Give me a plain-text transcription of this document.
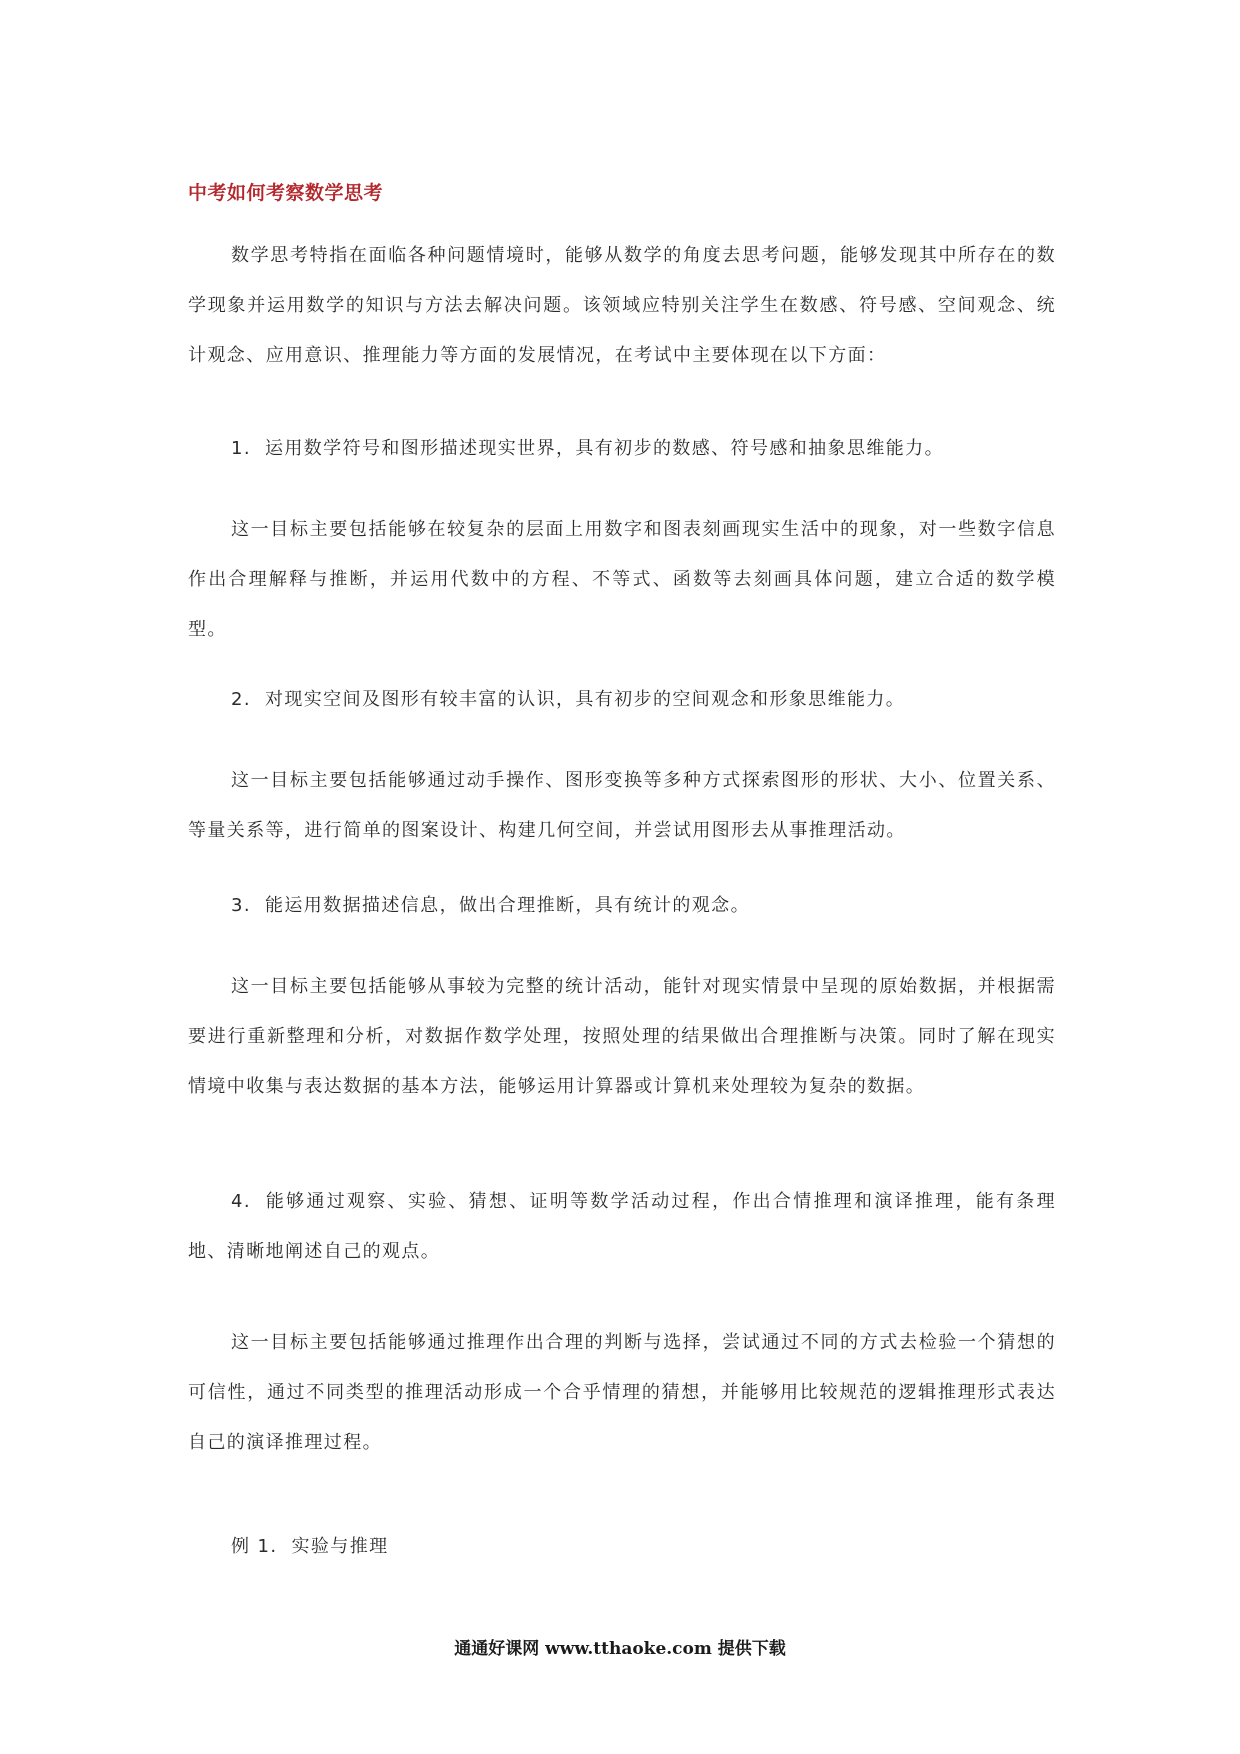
中考如何考察数学思考

数学思考特指在面临各种问题情境时，能够从数学的角度去思考问题，能够发现其中所存在的数学现象并运用数学的知识与方法去解决问题。该领域应特别关注学生在数感、符号感、空间观念、统计观念、应用意识、推理能力等方面的发展情况，在考试中主要体现在以下方面：

1. 运用数学符号和图形描述现实世界，具有初步的数感、符号感和抽象思维能力。

这一目标主要包括能够在较复杂的层面上用数字和图表刻画现实生活中的现象，对一些数字信息作出合理解释与推断，并运用代数中的方程、不等式、函数等去刻画具体问题，建立合适的数学模型。

2. 对现实空间及图形有较丰富的认识，具有初步的空间观念和形象思维能力。

这一目标主要包括能够通过动手操作、图形变换等多种方式探索图形的形状、大小、位置关系、等量关系等，进行简单的图案设计、构建几何空间，并尝试用图形去从事推理活动。

3. 能运用数据描述信息，做出合理推断，具有统计的观念。

这一目标主要包括能够从事较为完整的统计活动，能针对现实情景中呈现的原始数据，并根据需要进行重新整理和分析，对数据作数学处理，按照处理的结果做出合理推断与决策。同时了解在现实情境中收集与表达数据的基本方法，能够运用计算器或计算机来处理较为复杂的数据。

4. 能够通过观察、实验、猜想、证明等数学活动过程，作出合情推理和演译推理，能有条理地、清晰地阐述自己的观点。

这一目标主要包括能够通过推理作出合理的判断与选择，尝试通过不同的方式去检验一个猜想的可信性，通过不同类型的推理活动形成一个合乎情理的猜想，并能够用比较规范的逻辑推理形式表达自己的演译推理过程。

例 1. 实验与推理

通通好课网 www.tthaoke.com 提供下载
